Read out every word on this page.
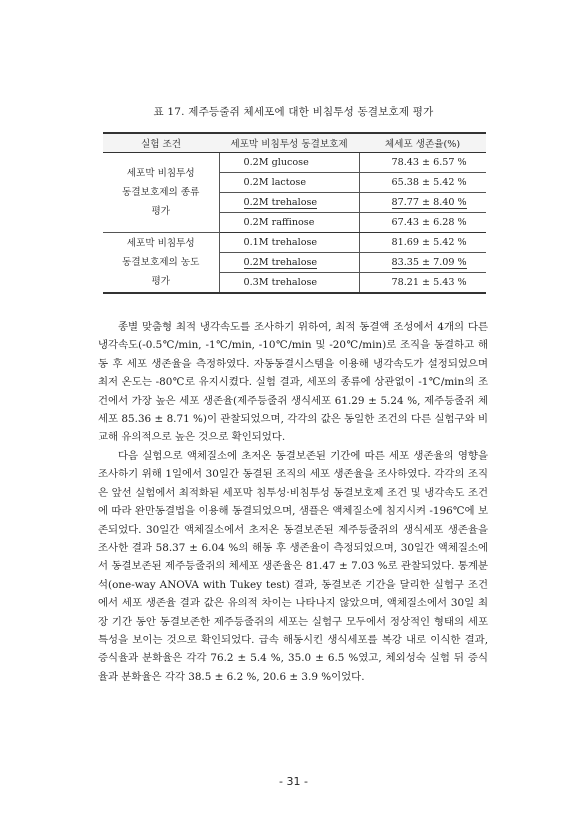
표 17. 제주등줄쥐 체세포에 대한 비침투성 동결보호제 평가
실험 조건	세포막 비침투성 동결보호제	체세포 생존율(%)

세포막 비침투성
동결보호제의 종류
평가	0.2M glucose	78.43 ± 6.57 %
	0.2M lactose	65.38 ± 5.42 %
	0.2M trehalose	87.77 ± 8.40 %
	0.2M raffinose	67.43 ± 6.28 %

세포막 비침투성
동결보호제의 농도
평가	0.1M trehalose	81.69 ± 5.42 %
	0.2M trehalose	83.35 ± 7.09 %
	0.3M trehalose	78.21 ± 5.43 %

종별 맞춤형 최적 냉각속도를 조사하기 위하여, 최적 동결액 조성에서 4개의 다른 냉각속도(-0.5℃/min, -1℃/min, -10℃/min 및 -20℃/min)로 조직을 동결하고 해동 후 세포 생존율을 측정하였다. 자동동결시스템을 이용해 냉각속도가 설정되었으며 최저 온도는 -80℃로 유지시켰다. 실험 결과, 세포의 종류에 상관없이 -1℃/min의 조건에서 가장 높은 세포 생존율(제주등줄쥐 생식세포 61.29 ± 5.24 %, 제주등줄쥐 체세포 85.36 ± 8.71 %)이 관찰되었으며, 각각의 값은 동일한 조건의 다른 실험구와 비교해 유의적으로 높은 것으로 확인되었다.

다음 실험으로 액체질소에 초저온 동결보존된 기간에 따른 세포 생존율의 영향을 조사하기 위해 1일에서 30일간 동결된 조직의 세포 생존율을 조사하였다. 각각의 조직은 앞선 실험에서 최적화된 세포막 침투성·비침투성 동결보호제 조건 및 냉각속도 조건에 따라 완만동결법을 이용해 동결되었으며, 샘플은 액체질소에 침지시켜 -196℃에 보존되었다. 30일간 액체질소에서 초저온 동결보존된 제주등줄쥐의 생식세포 생존율을 조사한 결과 58.37 ± 6.04 %의 해동 후 생존율이 측정되었으며, 30일간 액체질소에서 동결보존된 제주등줄쥐의 체세포 생존율은 81.47 ± 7.03 %로 관찰되었다. 통계분석(one-way ANOVA with Tukey test) 결과, 동결보존 기간을 달리한 실험구 조건에서 세포 생존율 결과 값은 유의적 차이는 나타나지 않았으며, 액체질소에서 30일 최장 기간 동안 동결보존한 제주등줄쥐의 세포는 실험구 모두에서 정상적인 형태의 세포 특성을 보이는 것으로 확인되었다. 급속 해동시킨 생식세포를 복강 내로 이식한 결과, 증식율과 분화율은 각각 76.2 ± 5.4 %, 35.0 ± 6.5 %였고, 체외성숙 실험 뒤 증식율과 분화율은 각각 38.5 ± 6.2 %, 20.6 ± 3.9 %이었다.

- 31 -
